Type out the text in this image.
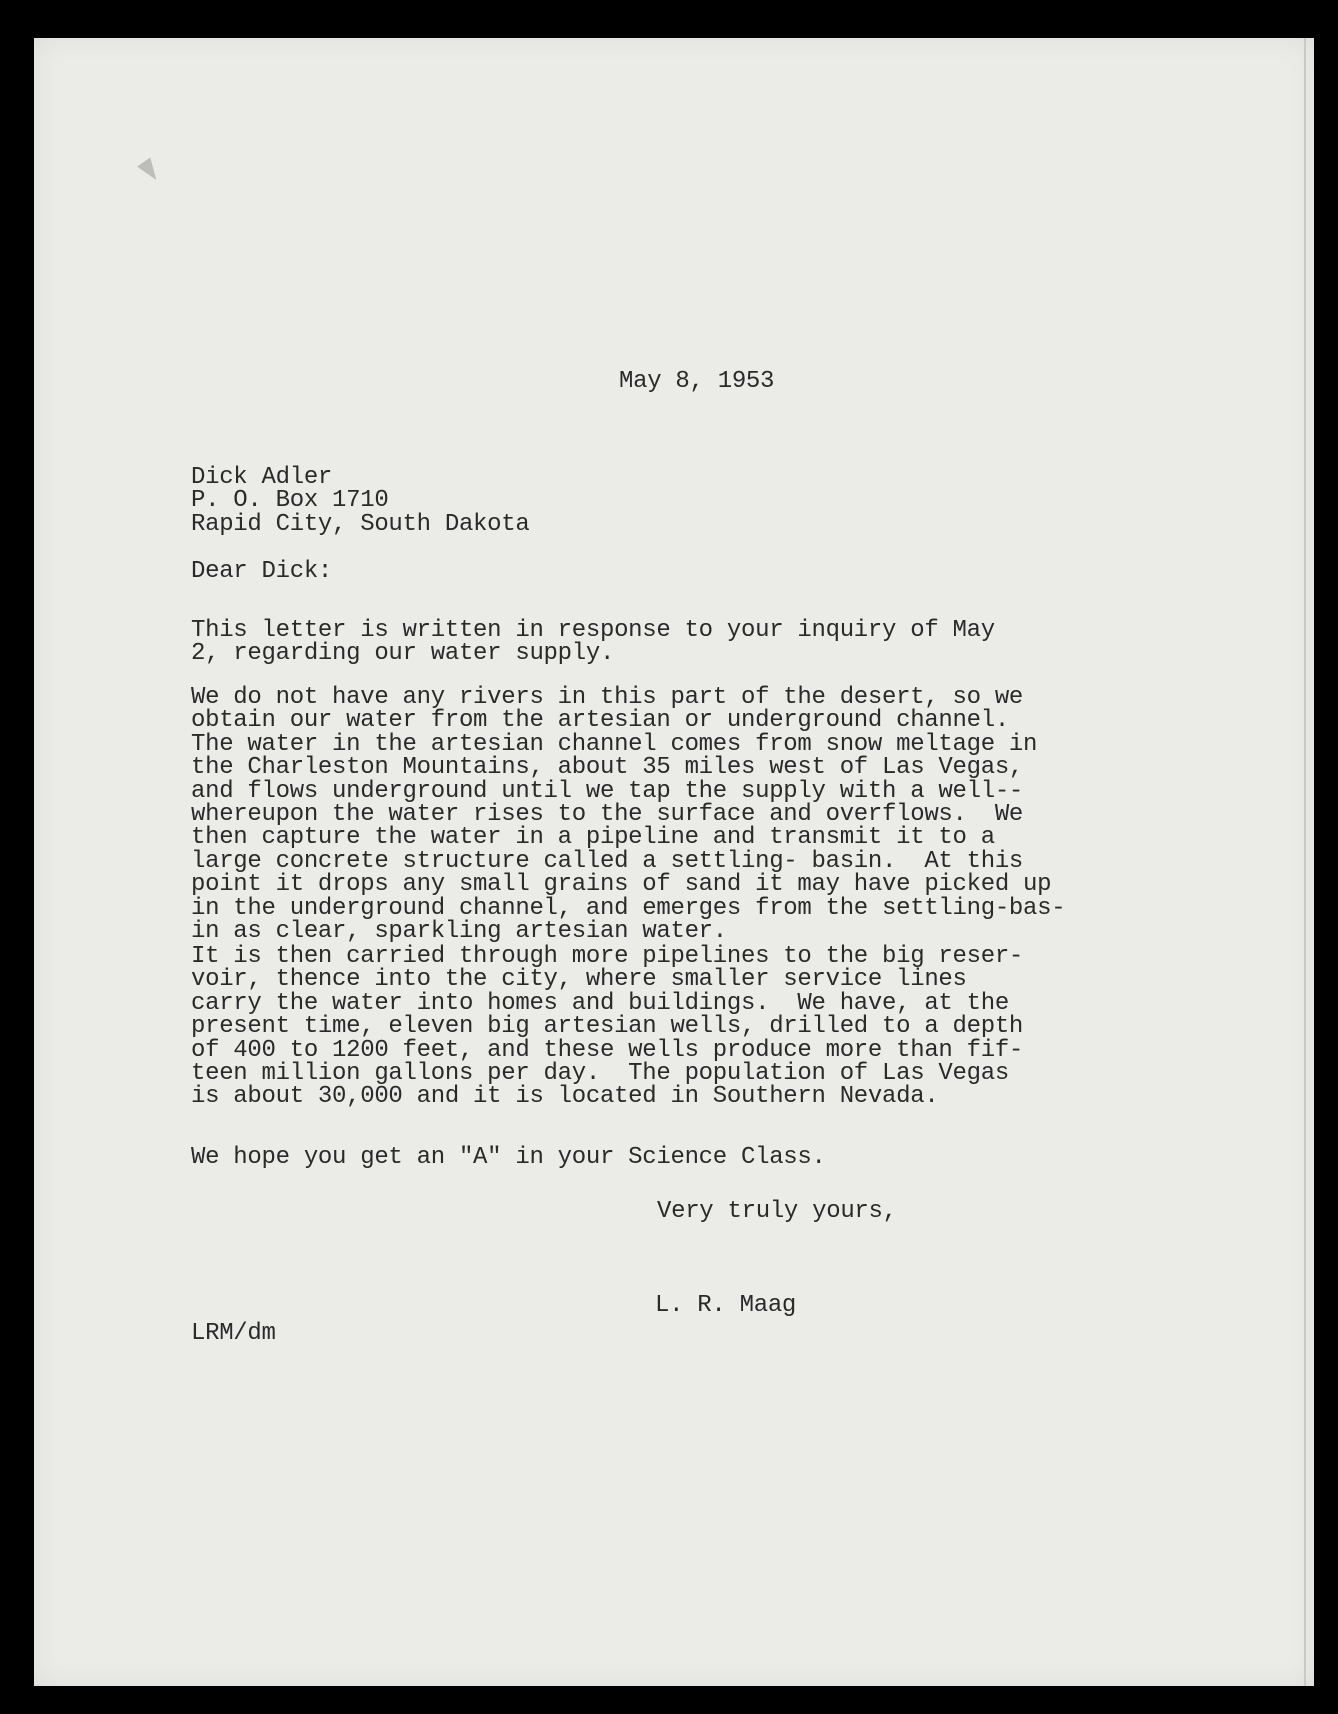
May 8, 1953
Dick Adler
P. O. Box 1710
Rapid City, South Dakota
Dear Dick:
This letter is written in response to your inquiry of May
2, regarding our water supply.
We do not have any rivers in this part of the desert, so we
obtain our water from the artesian or underground channel.
The water in the artesian channel comes from snow meltage in
the Charleston Mountains, about 35 miles west of Las Vegas,
and flows underground until we tap the supply with a well--
whereupon the water rises to the surface and overflows.  We
then capture the water in a pipeline and transmit it to a
large concrete structure called a settling- basin.  At this
point it drops any small grains of sand it may have picked up
in the underground channel, and emerges from the settling-bas-
in as clear, sparkling artesian water.
It is then carried through more pipelines to the big reser-
voir, thence into the city, where smaller service lines
carry the water into homes and buildings.  We have, at the
present time, eleven big artesian wells, drilled to a depth
of 400 to 1200 feet, and these wells produce more than fif-
teen million gallons per day.  The population of Las Vegas
is about 30,000 and it is located in Southern Nevada.
We hope you get an "A" in your Science Class.
Very truly yours,
L. R. Maag
LRM/dm
